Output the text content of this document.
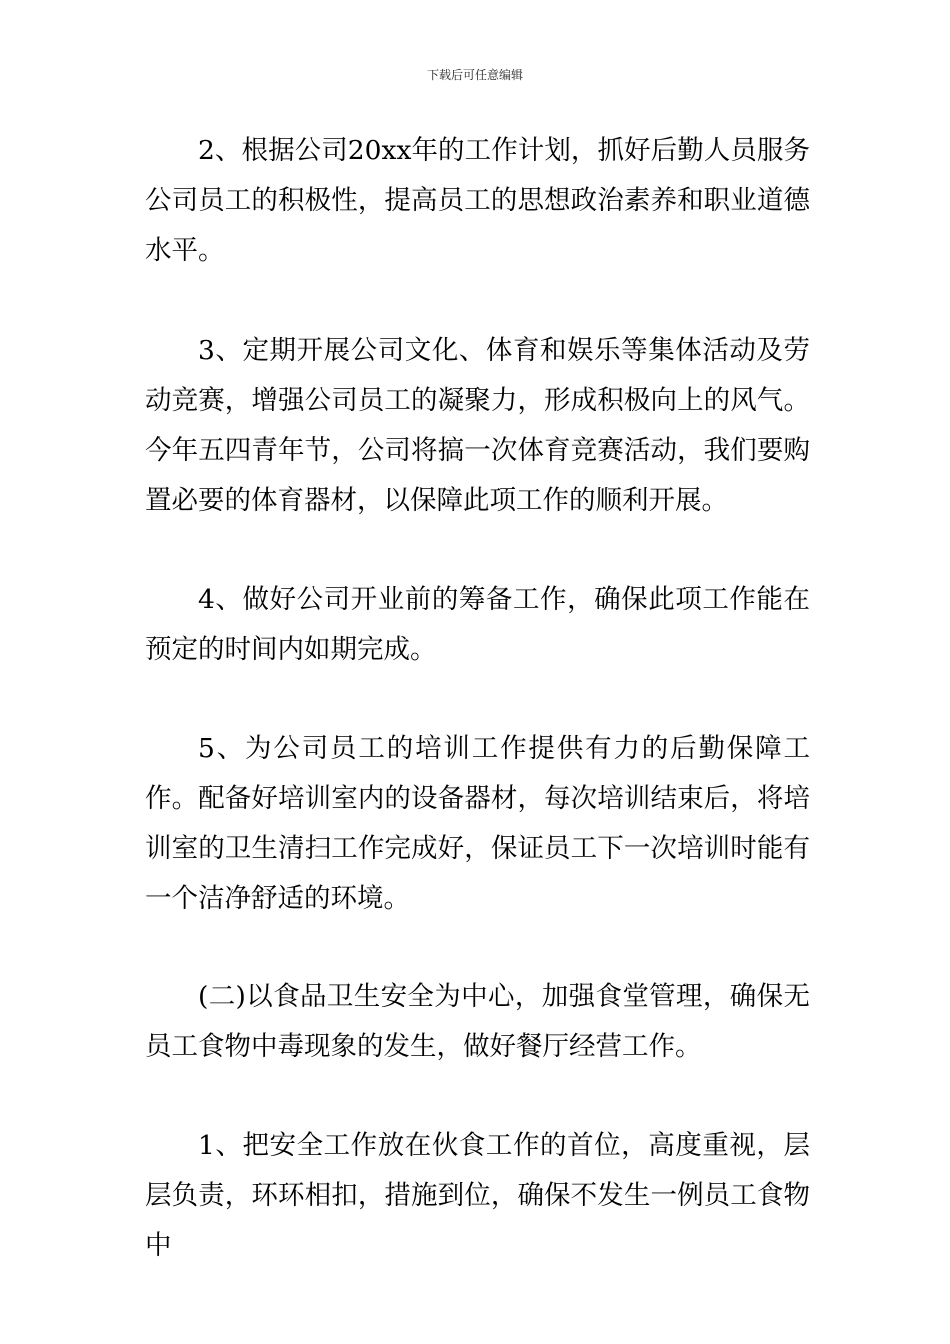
下载后可任意编辑

2、根据公司20xx年的工作计划，抓好后勤人员服务公司员工的积极性，提高员工的思想政治素养和职业道德水平。

3、定期开展公司文化、体育和娱乐等集体活动及劳动竞赛，增强公司员工的凝聚力，形成积极向上的风气。今年五四青年节，公司将搞一次体育竞赛活动，我们要购置必要的体育器材，以保障此项工作的顺利开展。

4、做好公司开业前的筹备工作，确保此项工作能在预定的时间内如期完成。

5、为公司员工的培训工作提供有力的后勤保障工作。配备好培训室内的设备器材，每次培训结束后，将培训室的卫生清扫工作完成好，保证员工下一次培训时能有一个洁净舒适的环境。

(二)以食品卫生安全为中心，加强食堂管理，确保无员工食物中毒现象的发生，做好餐厅经营工作。

1、把安全工作放在伙食工作的首位，高度重视，层层负责，环环相扣，措施到位，确保不发生一例员工食物中
